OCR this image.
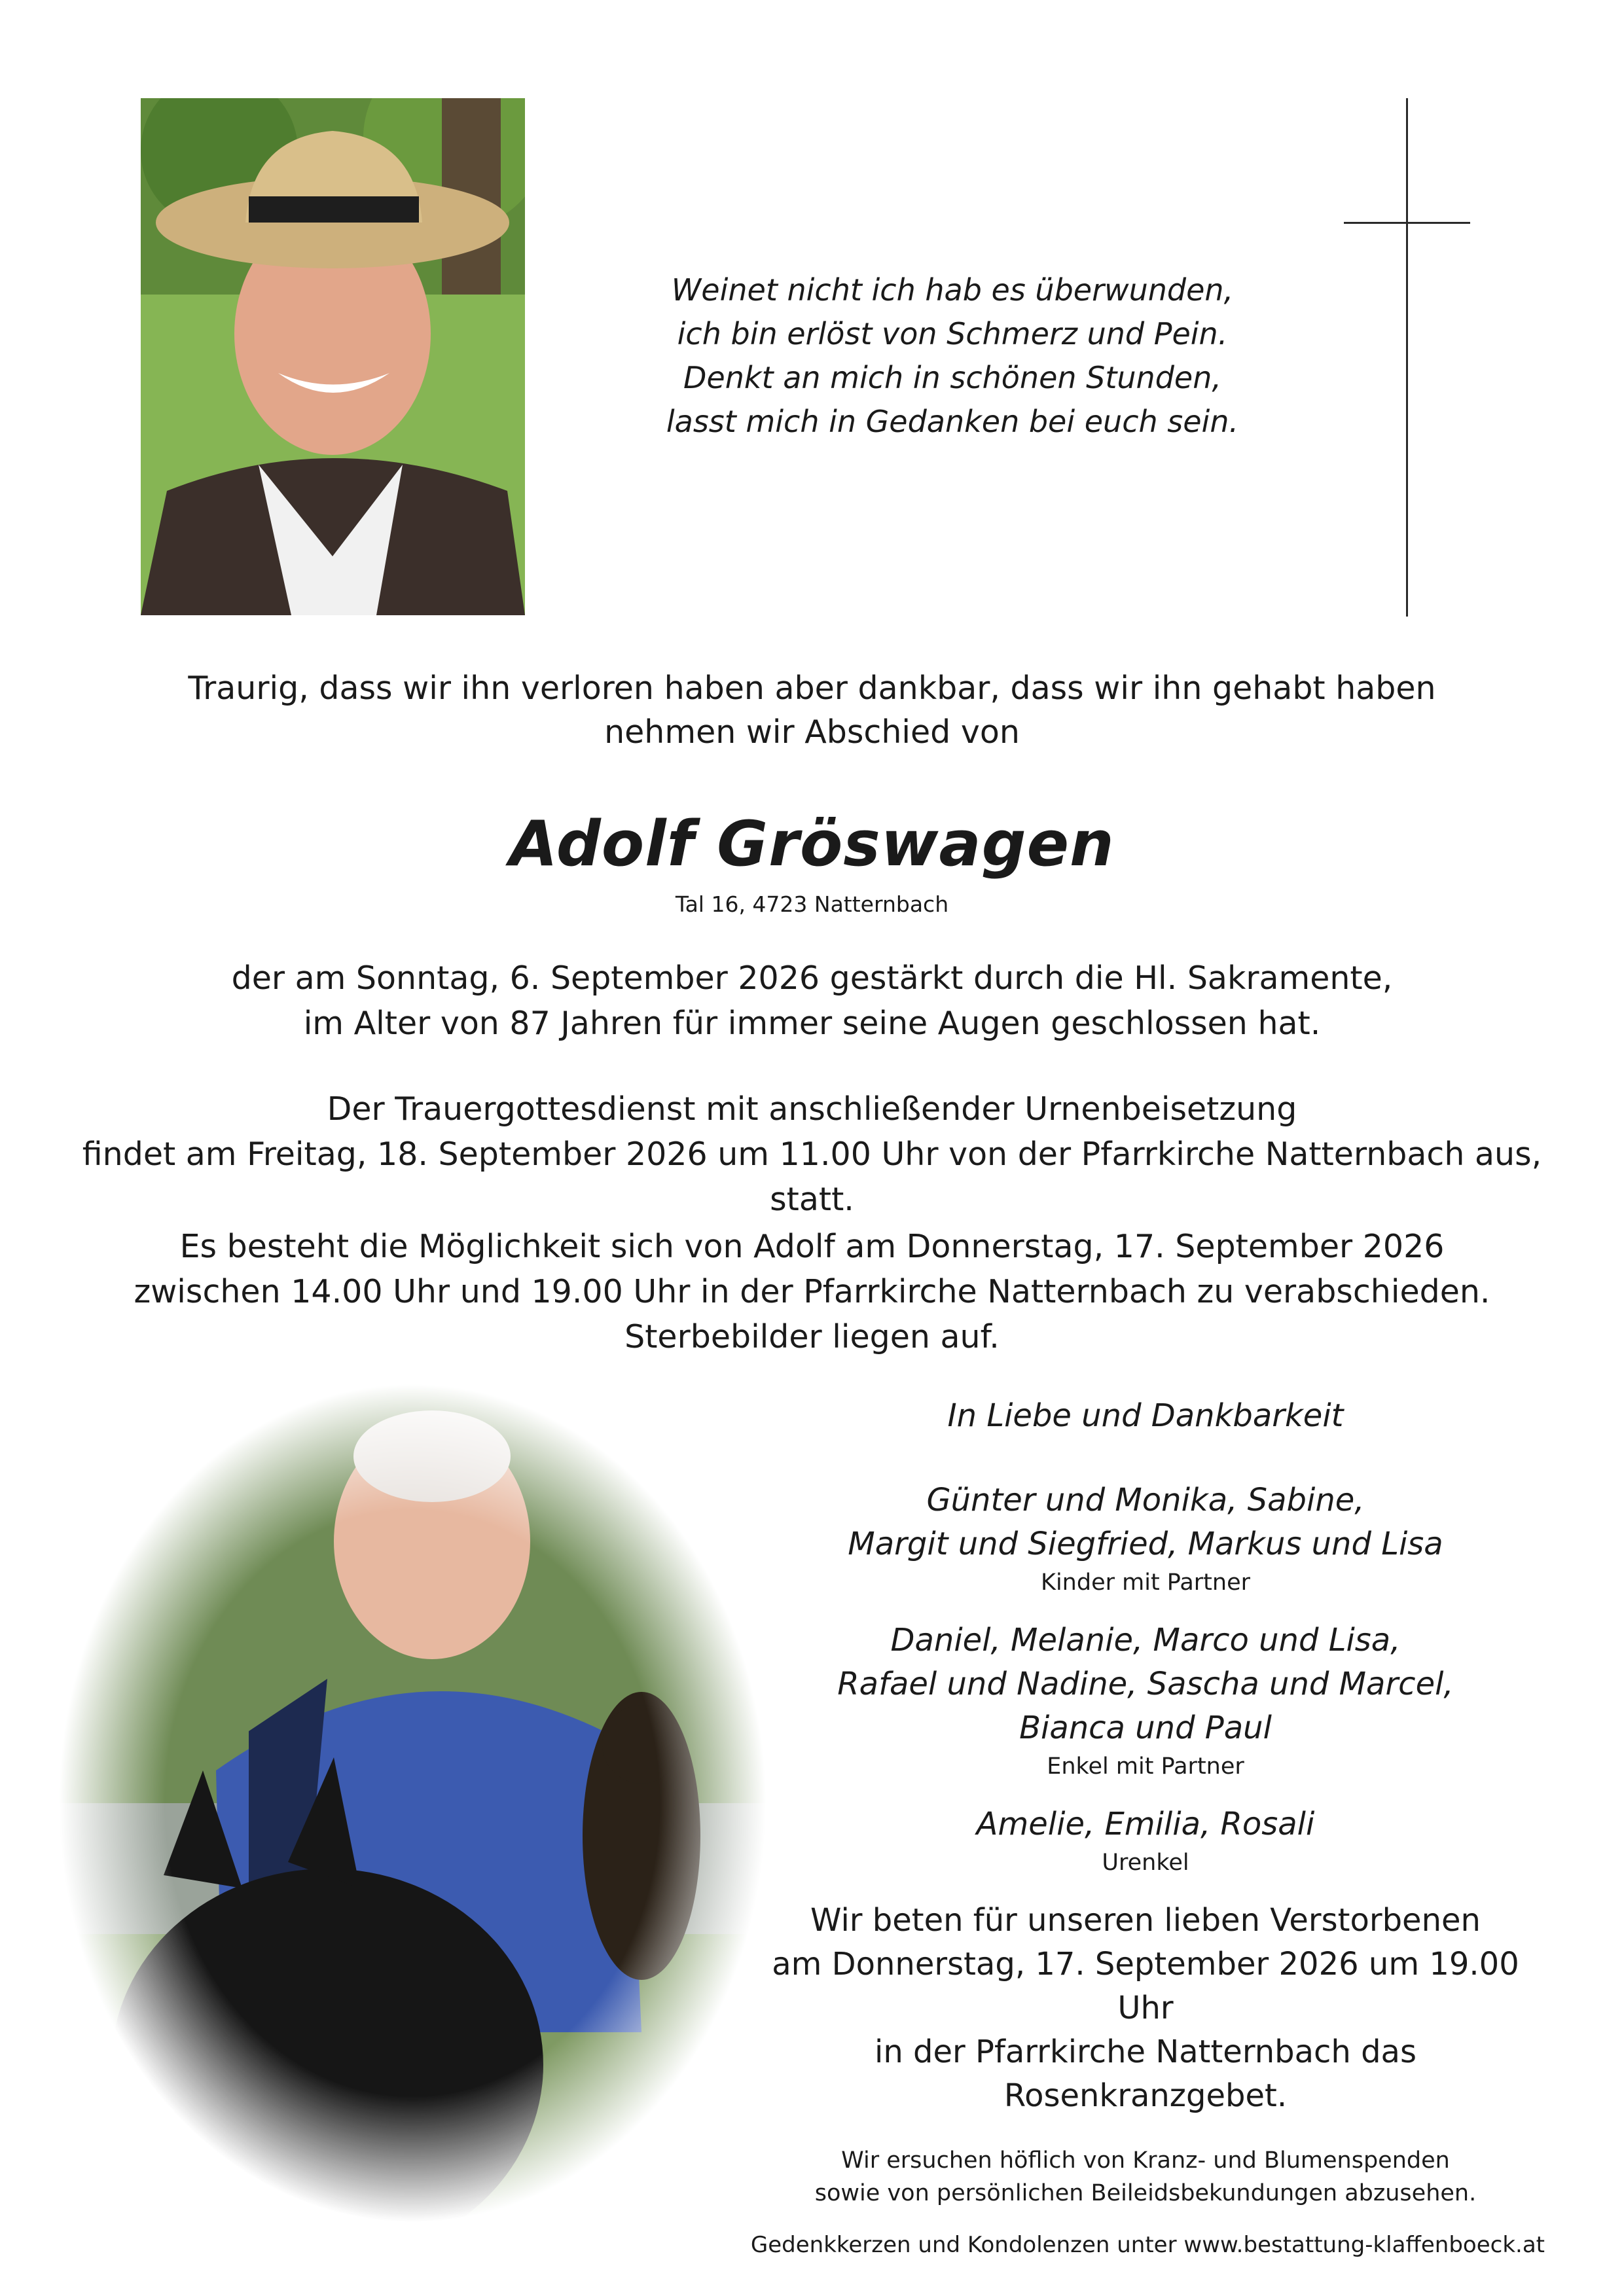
Weinet nicht ich hab es überwunden,
ich bin erlöst von Schmerz und Pein.
Denkt an mich in schönen Stunden,
lasst mich in Gedanken bei euch sein.
Traurig, dass wir ihn verloren haben aber dankbar, dass wir ihn gehabt haben
nehmen wir Abschied von
Adolf Gröswagen
Tal 16, 4723 Natternbach
der am Sonntag, 6. September 2026 gestärkt durch die Hl. Sakramente,
im Alter von 87 Jahren für immer seine Augen geschlossen hat.
Der Trauergottesdienst mit anschließender Urnenbeisetzung
findet am Freitag, 18. September 2026 um 11.00 Uhr von der Pfarrkirche Natternbach aus, statt.
Es besteht die Möglichkeit sich von Adolf am Donnerstag, 17. September 2026
zwischen 14.00 Uhr und 19.00 Uhr in der Pfarrkirche Natternbach zu verabschieden.
Sterbebilder liegen auf.
In Liebe und Dankbarkeit
Günter und Monika, Sabine,
Margit und Siegfried, Markus und Lisa
Kinder mit Partner
Daniel, Melanie, Marco und Lisa,
Rafael und Nadine, Sascha und Marcel,
Bianca und Paul
Enkel mit Partner
Amelie, Emilia, Rosali
Urenkel
Wir beten für unseren lieben Verstorbenen
am Donnerstag, 17. September 2026 um 19.00 Uhr
in der Pfarrkirche Natternbach das Rosenkranzgebet.
Wir ersuchen höflich von Kranz- und Blumenspenden
sowie von persönlichen Beileidsbekundungen abzusehen.
Gedenkkerzen und Kondolenzen unter www.bestattung-klaffenboeck.at
